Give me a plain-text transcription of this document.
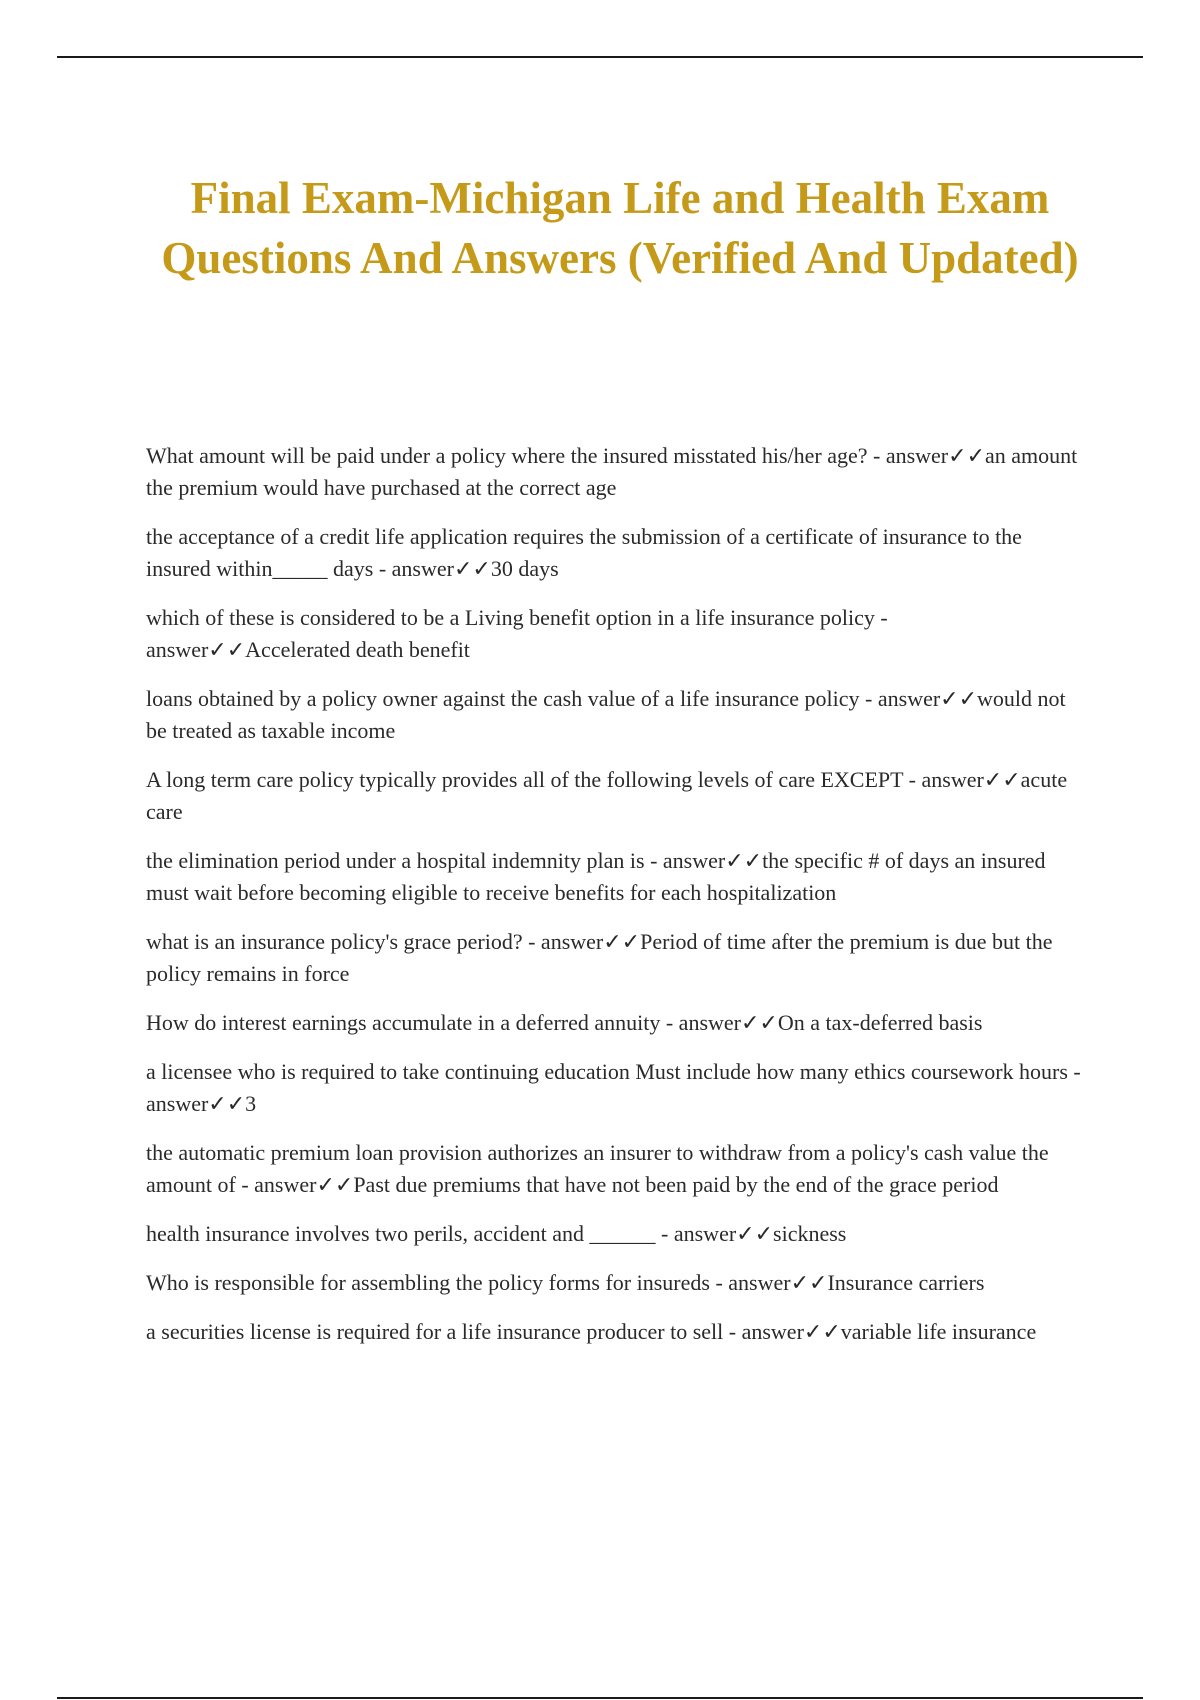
Final Exam-Michigan Life and Health Exam Questions And Answers (Verified And Updated)

What amount will be paid under a policy where the insured misstated his/her age? - answer✓✓an amount the premium would have purchased at the correct age

the acceptance of a credit life application requires the submission of a certificate of insurance to the insured within_____ days - answer✓✓30 days

which of these is considered to be a Living benefit option in a life insurance policy - answer✓✓Accelerated death benefit

loans obtained by a policy owner against the cash value of a life insurance policy - answer✓✓would not be treated as taxable income

A long term care policy typically provides all of the following levels of care EXCEPT - answer✓✓acute care

the elimination period under a hospital indemnity plan is - answer✓✓the specific # of days an insured must wait before becoming eligible to receive benefits for each hospitalization

what is an insurance policy's grace period? - answer✓✓Period of time after the premium is due but the policy remains in force

How do interest earnings accumulate in a deferred annuity - answer✓✓On a tax-deferred basis

a licensee who is required to take continuing education Must include how many ethics coursework hours - answer✓✓3

the automatic premium loan provision authorizes an insurer to withdraw from a policy's cash value the amount of - answer✓✓Past due premiums that have not been paid by the end of the grace period

health insurance involves two perils, accident and ______ - answer✓✓sickness

Who is responsible for assembling the policy forms for insureds - answer✓✓Insurance carriers

a securities license is required for a life insurance producer to sell - answer✓✓variable life insurance
